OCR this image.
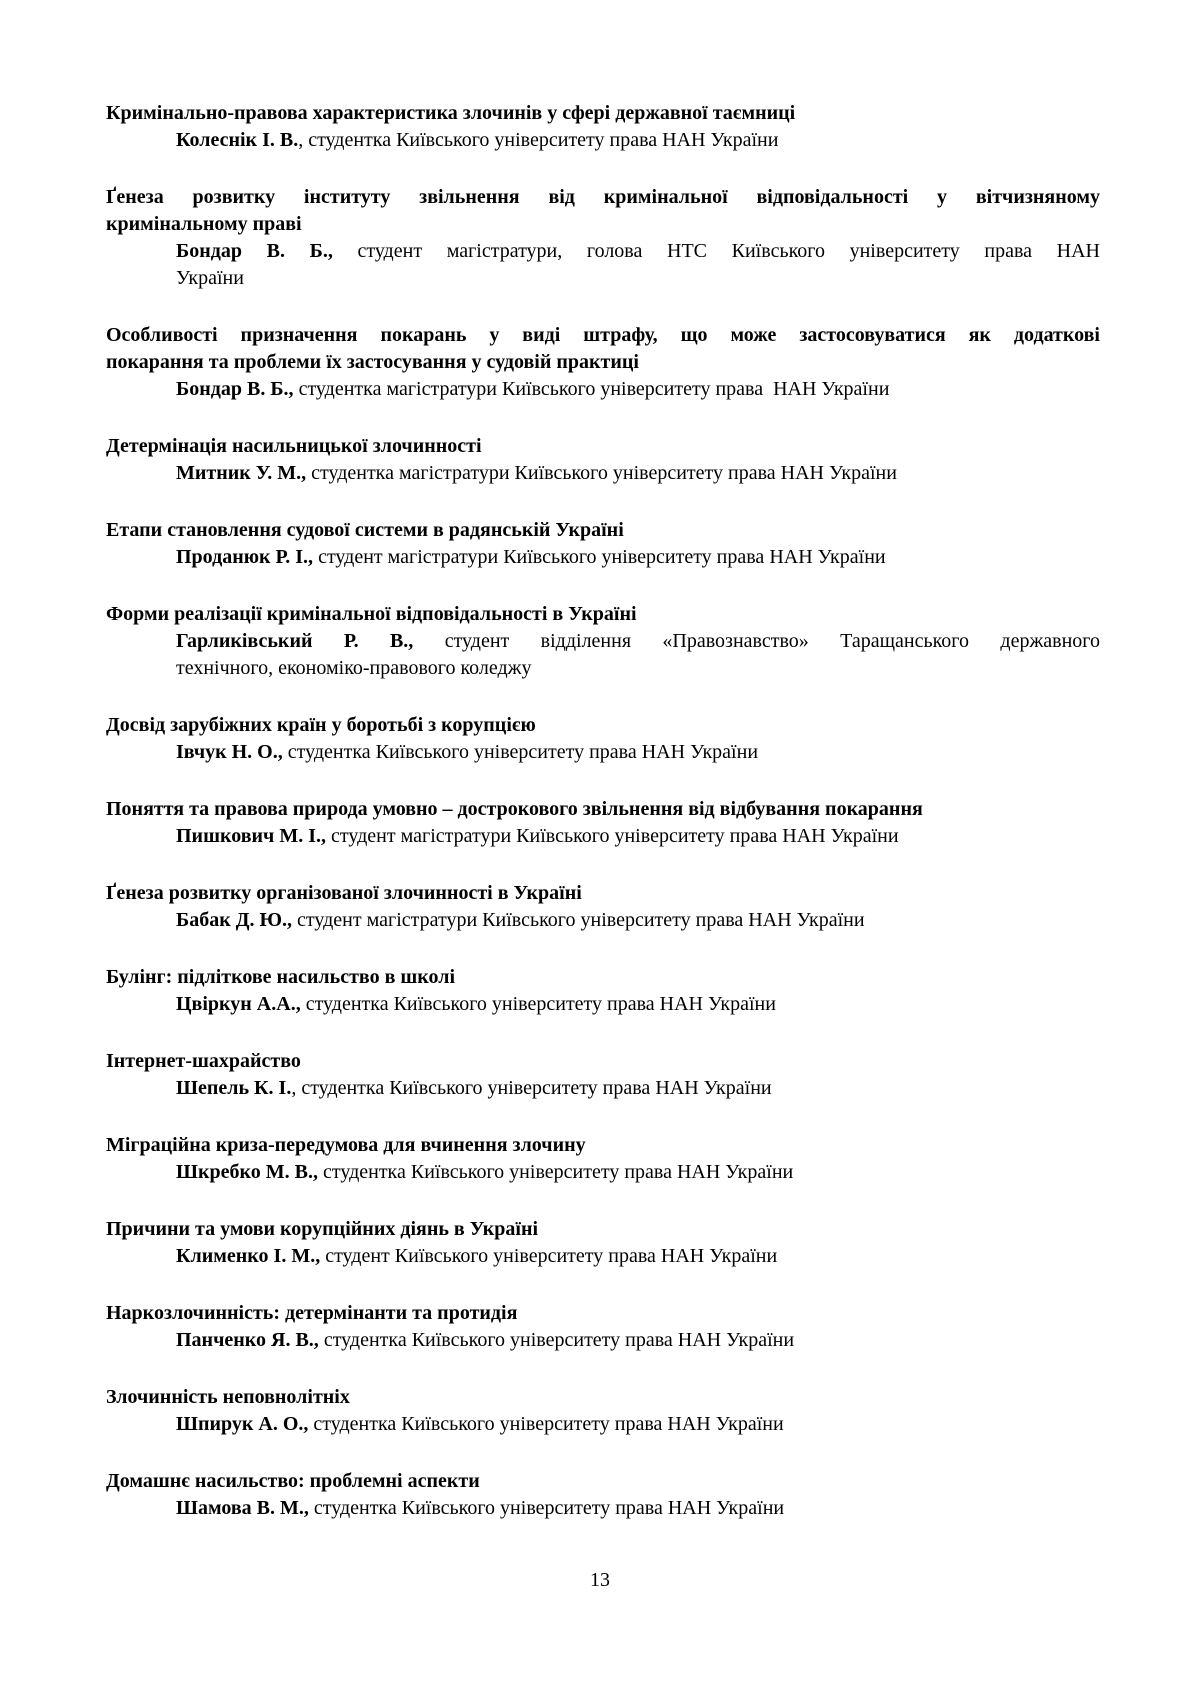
Кримінально-правова характеристика злочинів у сфері державної таємниці
Колеснік І. В., студентка Київського університету права НАН України
Ґенеза розвитку інституту звільнення від кримінальної відповідальності у вітчизняному
кримінальному праві
Бондар В. Б., студент магістратури, голова НТС Київського університету права НАН
України
Особливості призначення покарань у виді штрафу, що може застосовуватися як додаткові
покарання та проблеми їх застосування у судовій практиці
Бондар В. Б., студентка магістратури Київського університету права  НАН України
Детермінація насильницької злочинності
Митник У. М., студентка магістратури Київського університету права НАН України
Етапи становлення судової системи в радянській Україні
Проданюк Р. І., студент магістратури Київського університету права НАН України
Форми реалізації кримінальної відповідальності в Україні
Гарликівський Р. В., студент відділення «Правознавство» Таращанського державного
технічного, економіко-правового коледжу
Досвід зарубіжних країн у боротьбі з корупцією
Івчук Н. О., студентка Київського університету права НАН України
Поняття та правова природа умовно – дострокового звільнення від відбування покарання
Пишкович М. І., студент магістратури Київського університету права НАН України
Ґенеза розвитку організованої злочинності в Україні
Бабак Д. Ю., студент магістратури Київського університету права НАН України
Булінг: підліткове насильство в школі
Цвіркун А.А., студентка Київського університету права НАН України
Інтернет-шахрайство
Шепель К. І., студентка Київського університету права НАН України
Міграційна криза-передумова для вчинення злочину
Шкребко М. В., студентка Київського університету права НАН України
Причини та умови корупційних діянь в Україні
Клименко І. М., студент Київського університету права НАН України
Наркозлочинність: детермінанти та протидія
Панченко Я. В., студентка Київського університету права НАН України
Злочинність неповнолітніх
Шпирук А. О., студентка Київського університету права НАН України
Домашнє насильство: проблемні аспекти
Шамова В. М., студентка Київського університету права НАН України
13
